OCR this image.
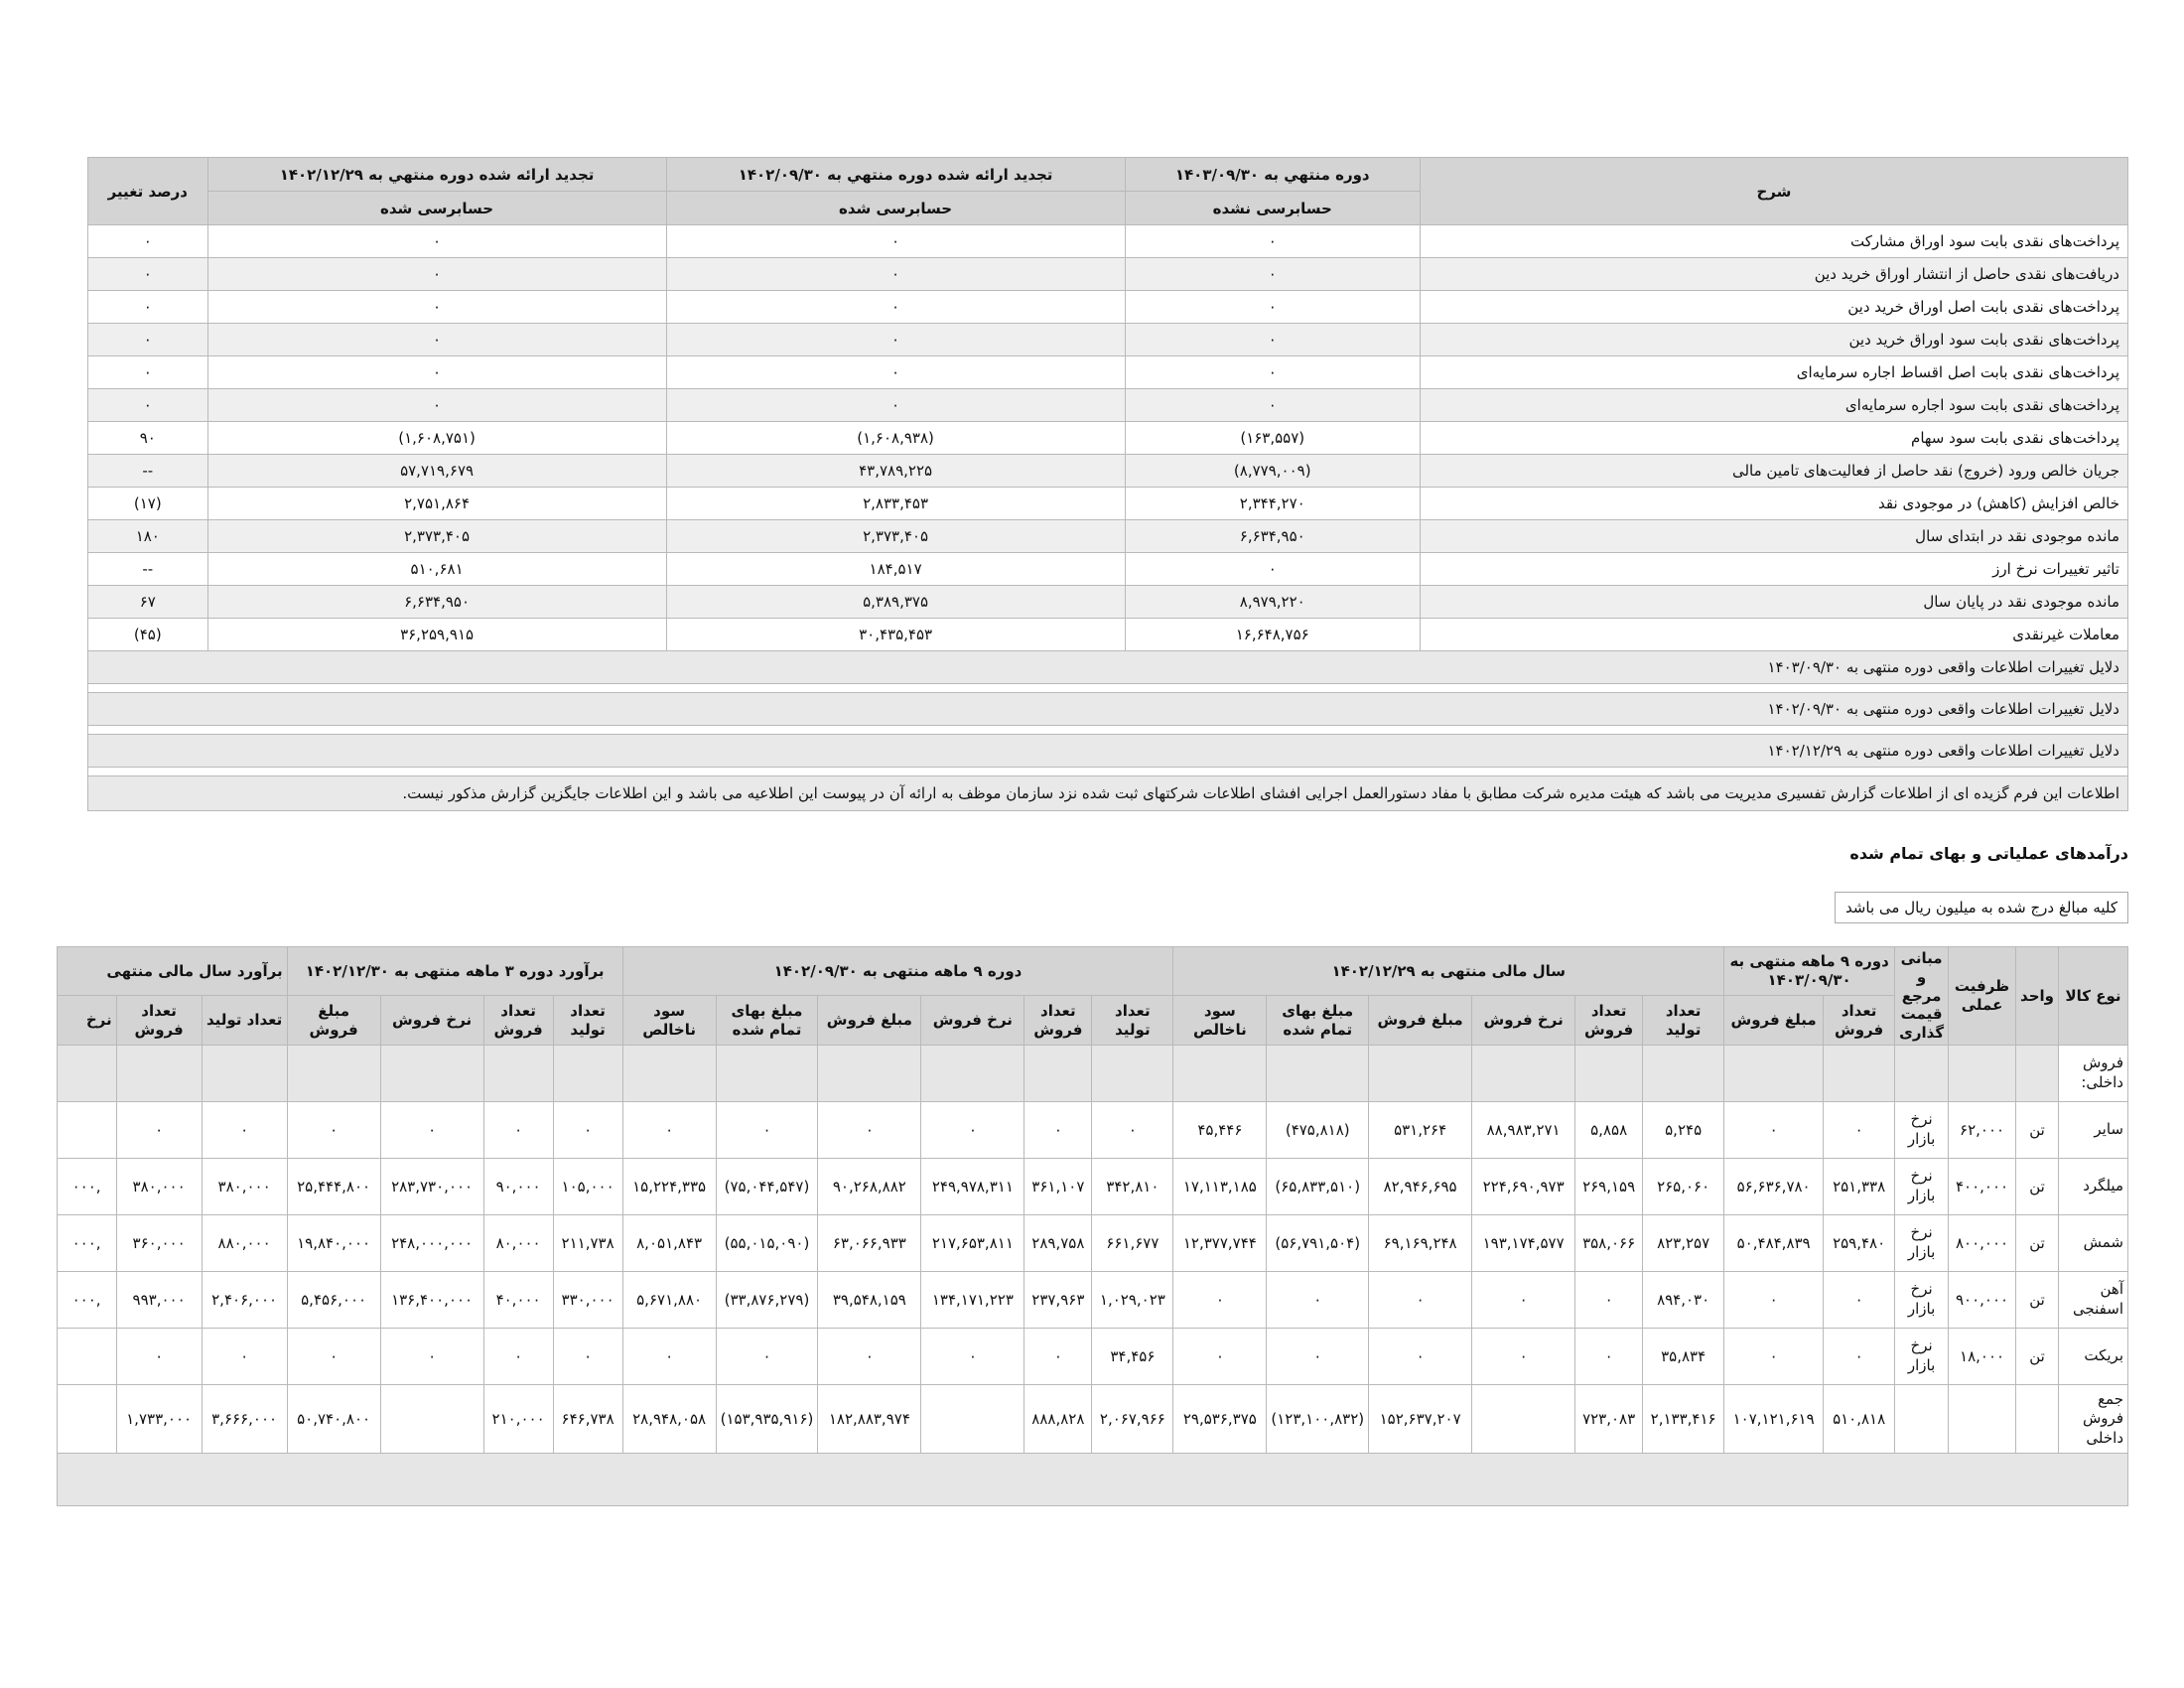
شرح	دوره منتهي به ۱۴۰۳/۰۹/۳۰	تجدید ارائه شده دوره منتهي به ۱۴۰۲/۰۹/۳۰	تجدید ارائه شده دوره منتهي به ۱۴۰۲/۱۲/۲۹	درصد تغییر
	حسابرسی نشده	حسابرسی شده	حسابرسی شده	
پرداخت‌های نقدی بابت سود اوراق مشارکت	۰	۰	۰	۰
دریافت‌های نقدی حاصل از انتشار اوراق خرید دین	۰	۰	۰	۰
پرداخت‌های نقدی بابت اصل اوراق خرید دین	۰	۰	۰	۰
پرداخت‌های نقدی بابت سود اوراق خرید دین	۰	۰	۰	۰
پرداخت‌های نقدی بابت اصل اقساط اجاره سرمایه‌ای	۰	۰	۰	۰
پرداخت‌های نقدی بابت سود اجاره سرمایه‌ای	۰	۰	۰	۰
پرداخت‌های نقدی بابت سود سهام	(۱۶۳,۵۵۷)	(۱,۶۰۸,۹۳۸)	(۱,۶۰۸,۷۵۱)	۹۰
جریان خالص ورود (خروج) نقد حاصل از فعالیت‌های تامین مالی	(۸,۷۷۹,۰۰۹)	۴۳,۷۸۹,۲۲۵	۵۷,۷۱۹,۶۷۹	--
خالص افزایش (کاهش) در موجودی نقد	۲,۳۴۴,۲۷۰	۲,۸۳۳,۴۵۳	۲,۷۵۱,۸۶۴	(۱۷)
مانده موجودی نقد در ابتدای سال	۶,۶۳۴,۹۵۰	۲,۳۷۳,۴۰۵	۲,۳۷۳,۴۰۵	۱۸۰
تاثیر تغییرات نرخ ارز	۰	۱۸۴,۵۱۷	۵۱۰,۶۸۱	--
مانده موجودی نقد در پایان سال	۸,۹۷۹,۲۲۰	۵,۳۸۹,۳۷۵	۶,۶۳۴,۹۵۰	۶۷
معاملات غیرنقدی	۱۶,۶۴۸,۷۵۶	۳۰,۴۳۵,۴۵۳	۳۶,۲۵۹,۹۱۵	(۴۵)
دلایل تغییرات اطلاعات واقعی دوره منتهی به ۱۴۰۳/۰۹/۳۰				

دلایل تغییرات اطلاعات واقعی دوره منتهی به ۱۴۰۲/۰۹/۳۰				

دلایل تغییرات اطلاعات واقعی دوره منتهی به ۱۴۰۲/۱۲/۲۹				

اطلاعات این فرم گزیده ای از اطلاعات گزارش تفسیری مدیریت می باشد که هیئت مدیره شرکت مطابق با مفاد دستورالعمل اجرایی افشای اطلاعات شرکتهای ثبت شده نزد سازمان موظف به ارائه آن در پیوست این اطلاعیه می باشد و این اطلاعات جایگزین گزارش مذکور نیست.				
درآمدهای عملیاتی و بهای تمام شده
کلیه مبالغ درج شده به میلیون ریال می باشد
نوع کالا	واحد	ظرفیت عملی	مبانی و مرجع قیمت گذاری	دوره ۹ ماهه منتهی به ۱۴۰۳/۰۹/۳۰		سال مالی منتهی به ۱۴۰۲/۱۲/۲۹						دوره ۹ ماهه منتهی به ۱۴۰۲/۰۹/۳۰						برآورد دوره ۳ ماهه منتهی به ۱۴۰۲/۱۲/۳۰				برآورد سال مالی منتهی		
				تعداد فروش	مبلغ فروش	تعداد تولید	تعداد فروش	نرخ فروش	مبلغ فروش	مبلغ بهای تمام شده	سود ناخالص	تعداد تولید	تعداد فروش	نرخ فروش	مبلغ فروش	مبلغ بهای تمام شده	سود ناخالص	تعداد تولید	تعداد فروش	نرخ فروش	مبلغ فروش	تعداد تولید	تعداد فروش	نرخ
فروش داخلی:																								
سایر	تن	۶۲,۰۰۰	نرخ بازار	۰	۰	۵,۲۴۵	۵,۸۵۸	۸۸,۹۸۳,۲۷۱	۵۳۱,۲۶۴	(۴۷۵,۸۱۸)	۴۵,۴۴۶	۰	۰	۰	۰	۰	۰	۰	۰	۰	۰	۰	۰	
میلگرد	تن	۴۰۰,۰۰۰	نرخ بازار	۲۵۱,۳۳۸	۵۶,۶۳۶,۷۸۰	۲۶۵,۰۶۰	۲۶۹,۱۵۹	۲۲۴,۶۹۰,۹۷۳	۸۲,۹۴۶,۶۹۵	(۶۵,۸۳۳,۵۱۰)	۱۷,۱۱۳,۱۸۵	۳۴۲,۸۱۰	۳۶۱,۱۰۷	۲۴۹,۹۷۸,۳۱۱	۹۰,۲۶۸,۸۸۲	(۷۵,۰۴۴,۵۴۷)	۱۵,۲۲۴,۳۳۵	۱۰۵,۰۰۰	۹۰,۰۰۰	۲۸۳,۷۳۰,۰۰۰	۲۵,۴۴۴,۸۰۰	۳۸۰,۰۰۰	۳۸۰,۰۰۰	,۰۰۰
شمش	تن	۸۰۰,۰۰۰	نرخ بازار	۲۵۹,۴۸۰	۵۰,۴۸۴,۸۳۹	۸۲۳,۲۵۷	۳۵۸,۰۶۶	۱۹۳,۱۷۴,۵۷۷	۶۹,۱۶۹,۲۴۸	(۵۶,۷۹۱,۵۰۴)	۱۲,۳۷۷,۷۴۴	۶۶۱,۶۷۷	۲۸۹,۷۵۸	۲۱۷,۶۵۳,۸۱۱	۶۳,۰۶۶,۹۳۳	(۵۵,۰۱۵,۰۹۰)	۸,۰۵۱,۸۴۳	۲۱۱,۷۳۸	۸۰,۰۰۰	۲۴۸,۰۰۰,۰۰۰	۱۹,۸۴۰,۰۰۰	۸۸۰,۰۰۰	۳۶۰,۰۰۰	,۰۰۰
آهن اسفنجی	تن	۹۰۰,۰۰۰	نرخ بازار	۰	۰	۸۹۴,۰۳۰	۰	۰	۰	۰	۰	۱,۰۲۹,۰۲۳	۲۳۷,۹۶۳	۱۳۴,۱۷۱,۲۲۳	۳۹,۵۴۸,۱۵۹	(۳۳,۸۷۶,۲۷۹)	۵,۶۷۱,۸۸۰	۳۳۰,۰۰۰	۴۰,۰۰۰	۱۳۶,۴۰۰,۰۰۰	۵,۴۵۶,۰۰۰	۲,۴۰۶,۰۰۰	۹۹۳,۰۰۰	,۰۰۰
بریکت	تن	۱۸,۰۰۰	نرخ بازار	۰	۰	۳۵,۸۳۴	۰	۰	۰	۰	۰	۳۴,۴۵۶	۰	۰	۰	۰	۰	۰	۰	۰	۰	۰	۰	
جمع فروش داخلی				۵۱۰,۸۱۸	۱۰۷,۱۲۱,۶۱۹	۲,۱۳۳,۴۱۶	۷۲۳,۰۸۳		۱۵۲,۶۳۷,۲۰۷	(۱۲۳,۱۰۰,۸۳۲)	۲۹,۵۳۶,۳۷۵	۲,۰۶۷,۹۶۶	۸۸۸,۸۲۸		۱۸۲,۸۸۳,۹۷۴	(۱۵۳,۹۳۵,۹۱۶)	۲۸,۹۴۸,۰۵۸	۶۴۶,۷۳۸	۲۱۰,۰۰۰		۵۰,۷۴۰,۸۰۰	۳,۶۶۶,۰۰۰	۱,۷۳۳,۰۰۰	
